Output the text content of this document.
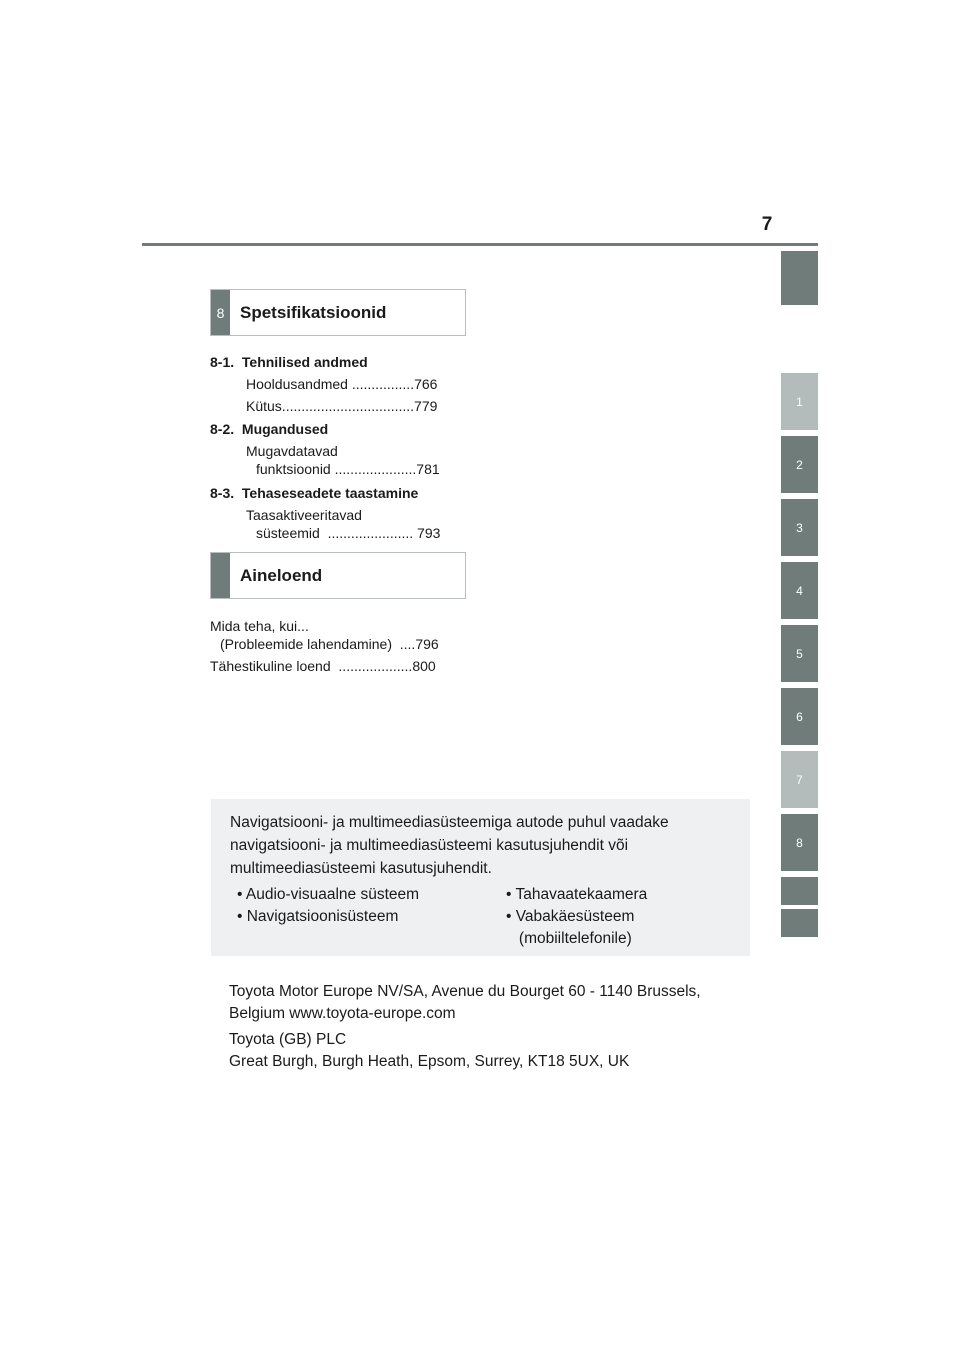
7
1
2
3
4
5
6
7
8
8 Spetsifikatsioonid
8-1.  Tehnilised andmed
Hooldusandmed ................766
Kütus..................................779
8-2.  Mugandused
Mugavdatavad
funktsioonid .....................781
8-3.  Tehaseseadete taastamine
Taasaktiveeritavad
süsteemid  ...................... 793
Aineloend
Mida teha, kui...
(Probleemide lahendamine)  ....796
Tähestikuline loend  ...................800
Navigatsiooni- ja multimeediasüsteemiga autode puhul vaadake
navigatsiooni- ja multimeediasüsteemi kasutusjuhendit või
multimeediasüsteemi kasutusjuhendit.
• Audio-visuaalne süsteem
• Navigatsioonisüsteem
• Tahavaatekaamera
• Vabakäesüsteem
(mobiiltelefonile)
Toyota Motor Europe NV/SA, Avenue du Bourget 60 - 1140 Brussels,
Belgium www.toyota-europe.com
Toyota (GB) PLC
Great Burgh, Burgh Heath, Epsom, Surrey, KT18 5UX, UK
